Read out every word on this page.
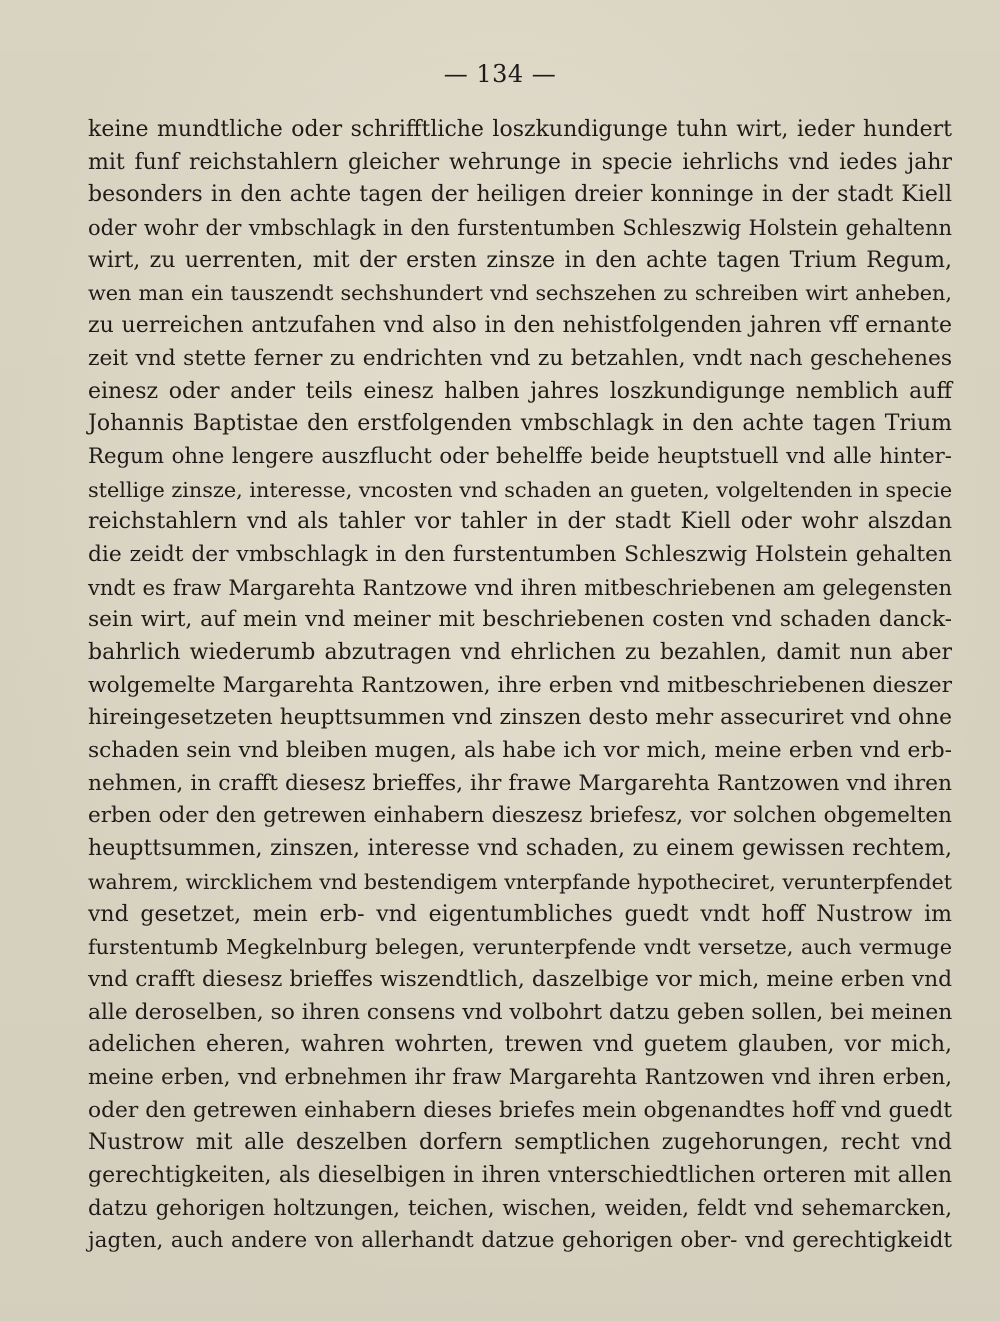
— 134 —
keine mundtliche oder schrifftliche loszkundigunge tuhn wirt, ieder hundert
mit funf reichstahlern gleicher wehrunge in specie iehrlichs vnd iedes jahr
besonders in den achte tagen der heiligen dreier konninge in der stadt Kiell
oder wohr der vmbschlagk in den furstentumben Schleszwig Holstein gehaltenn
wirt, zu uerrenten, mit der ersten zinsze in den achte tagen Trium Regum,
wen man ein tauszendt sechshundert vnd sechszehen zu schreiben wirt anheben,
zu uerreichen antzufahen vnd also in den nehistfolgenden jahren vff ernante
zeit vnd stette ferner zu endrichten vnd zu betzahlen, vndt nach geschehenes
einesz oder ander teils einesz halben jahres loszkundigunge nemblich auff
Johannis Baptistae den erstfolgenden vmbschlagk in den achte tagen Trium
Regum ohne lengere auszflucht oder behelffe beide heuptstuell vnd alle hinter-
stellige zinsze, interesse, vncosten vnd schaden an gueten, volgeltenden in specie
reichstahlern vnd als tahler vor tahler in der stadt Kiell oder wohr alszdan
die zeidt der vmbschlagk in den furstentumben Schleszwig Holstein gehalten
vndt es fraw Margarehta Rantzowe vnd ihren mitbeschriebenen am gelegensten
sein wirt, auf mein vnd meiner mit beschriebenen costen vnd schaden danck-
bahrlich wiederumb abzutragen vnd ehrlichen zu bezahlen, damit nun aber
wolgemelte Margarehta Rantzowen, ihre erben vnd mitbeschriebenen dieszer
hireingesetzeten heupttsummen vnd zinszen desto mehr assecuriret vnd ohne
schaden sein vnd bleiben mugen, als habe ich vor mich, meine erben vnd erb-
nehmen, in crafft diesesz brieffes, ihr frawe Margarehta Rantzowen vnd ihren
erben oder den getrewen einhabern dieszesz briefesz, vor solchen obgemelten
heupttsummen, zinszen, interesse vnd schaden, zu einem gewissen rechtem,
wahrem, wircklichem vnd bestendigem vnterpfande hypotheciret, verunterpfendet
vnd gesetzet, mein erb- vnd eigentumbliches guedt vndt hoff Nustrow im
furstentumb Megkelnburg belegen, verunterpfende vndt versetze, auch vermuge
vnd crafft diesesz brieffes wiszendtlich, daszelbige vor mich, meine erben vnd
alle deroselben, so ihren consens vnd volbohrt datzu geben sollen, bei meinen
adelichen eheren, wahren wohrten, trewen vnd guetem glauben, vor mich,
meine erben, vnd erbnehmen ihr fraw Margarehta Rantzowen vnd ihren erben,
oder den getrewen einhabern dieses briefes mein obgenandtes hoff vnd guedt
Nustrow mit alle deszelben dorfern semptlichen zugehorungen, recht vnd
gerechtigkeiten, als dieselbigen in ihren vnterschiedtlichen orteren mit allen
datzu gehorigen holtzungen, teichen, wischen, weiden, feldt vnd sehemarcken,
jagten, auch andere von allerhandt datzue gehorigen ober- vnd gerechtigkeidt
